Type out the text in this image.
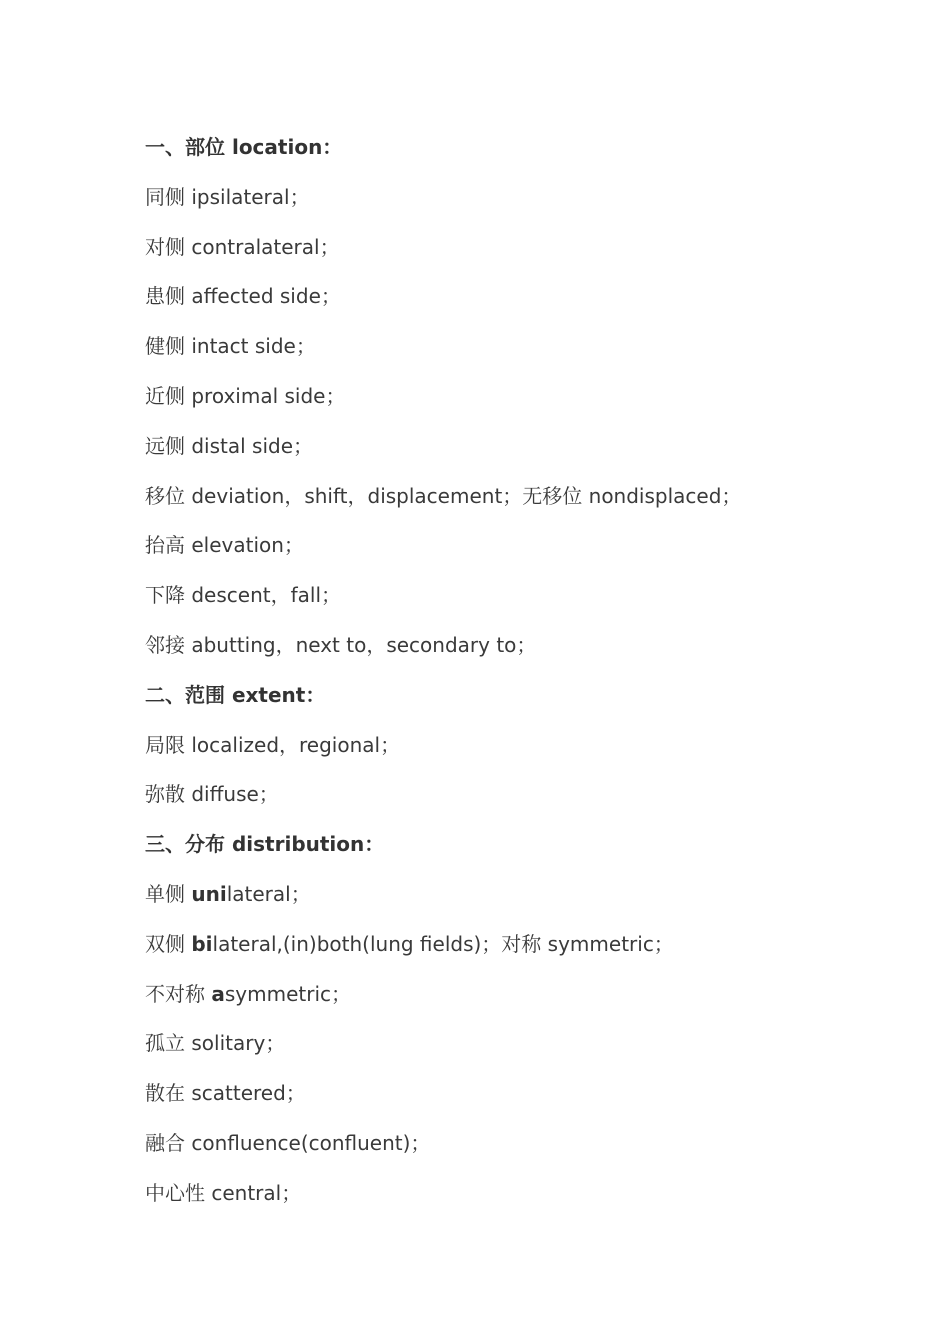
一、部位 location：
同侧 ipsilateral；
对侧 contralateral；
患侧 affected side；
健侧 intact side；
近侧 proximal side；
远侧 distal side；
移位 deviation，shift，displacement；无移位 nondisplaced；
抬高 elevation；
下降 descent，fall；
邻接 abutting，next to，secondary to；
二、范围 extent：
局限 localized，regional；
弥散 diffuse；
三、分布 distribution：
单侧 unilateral；
双侧 bilateral,(in)both(lung fields)；对称 symmetric；
不对称 asymmetric；
孤立 solitary；
散在 scattered；
融合 confluence(confluent)；
中心性 central；
